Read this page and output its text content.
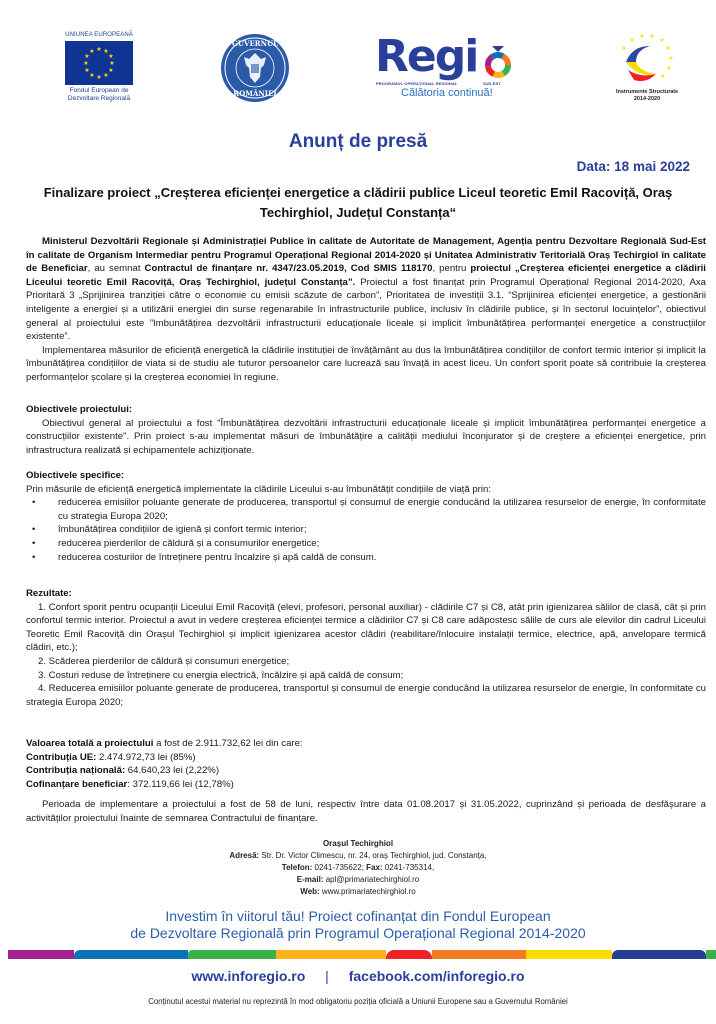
UNIUNEA EUROPEANĂ
★ ★
★
★
★
★
★
★
★
★
★
★
Fondul European de
Dezvoltare Regională
GUVERNUL
ROMÂNIEI
Regi
PROGRAMUL OPERAȚIONAL REGIONAL	SUD-EST
Călătoria continuă!
★
★ ★
★
★
★
★
★
★
Instrumente Structurale
2014-2020
Anunț de presă
Data: 18 mai 2022
Finalizare proiect „Creșterea eficienței energetice a clădirii publice Liceul teoretic Emil Racoviță, Oraș Techirghiol, Județul Constanța“

Ministerul Dezvoltării Regionale și Administrației Publice în calitate de Autoritate de Management, Agenția pentru Dezvoltare Regională Sud-Est în calitate de Organism Intermediar pentru Programul Operațional Regional 2014-2020 și Unitatea Administrativ Teritorială Oraș Techirgiol în calitate de Beneficiar, au semnat Contractul de finanțare nr. 4347/23.05.2019, Cod SMIS 118170, pentru proiectul „Creșterea eficienței energetice a clădirii Liceului teoretic Emil Racoviță, Oraș Techirghiol, județul Constanța”. Proiectul a fost finanțat prin Programul Operațional Regional 2014-2020, Axa Prioritară 3 „Sprijinirea tranziției către o economie cu emisii scăzute de carbon”, Prioritatea de investiții 3.1. “Sprijinirea eficienței energetice, a gestionării inteligente a energiei și a utilizării energiei din surse regenarabile în infrastructurile publice, inclusiv în clădirile publice, și în sectorul locuințelor”, obiectivul general al proiectului este ”Imbunătățirea dezvoltării infrastructurii educaționale liceale și implicit îmbunătățirea performanței energetice a construcțiilor existente”.

Implementarea măsurilor de eficiență energetică la clădirile instituției de învățământ au dus la îmbunătățirea condițiilor de confort termic interior și implicit la îmbunătățirea condițiilor de viata si de studiu ale tuturor persoanelor care lucrează sau învață in acest liceu. Un confort sporit poate să contribuie la creșterea performanțelor școlare și la creșterea economiei în regiune.

Obiectivele proiectului:

Obiectivul general al proiectului a fost "Îmbunătățirea dezvoltării infrastructurii educaționale liceale și implicit îmbunătățirea performanței energetice a construcțiilor existente". Prin proiect s-au implementat măsuri de îmbunătățire a calității mediului înconjurator și de creștere a eficienței energetice, prin infrastructura realizată și echipamentele achiziționate.

Obiectivele specifice:

Prin măsurile de eficiență energetică implementate la clădirile Liceului s-au îmbunătățit condițiile de viață prin:

• reducerea emisiilor poluante generate de producerea, transportul și consumul de energie conducând la utilizarea resurselor de energie, în conformitate cu strategia Europa 2020;
• îmbunătățirea condițiilor de igienă și confort termic interior;
• reducerea pierderilor de căldură și a consumurilor energetice;
• reducerea costurilor de întreținere pentru încalzire și apă caldă de consum.

Rezultate:

1. Confort sporit pentru ocupanții Liceului Emil Racoviță (elevi, profesori, personal auxiliar) - clădirile C7 și C8, atât prin igienizarea sălilor de clasă, cât și prin confortul termic interior. Proiectul a avut in vedere creșterea eficienței termice a clădirilor C7 și C8 care adăpostesc sălile de curs ale elevilor din cadrul Liceului Teoretic Emil Racoviță din Orașul Techirghiol și implicit igienizarea acestor clădiri (reabilitare/înlocuire instalații termice, electrice, apă, anvelopare termică clădiri, etc.);

2. Scăderea pierderilor de căldură și consumuri energetice;

3. Costuri reduse de întreținere cu energia electrică, încălzire și apă caldă de consum;

4. Reducerea emisiilor poluante generate de producerea, transportul și consumul de energie conducând la utilizarea resurselor de energie, în conformitate cu strategia Europa 2020;

Valoarea totală a proiectului a fost de 2.911.732,62 lei din care:

Contribuția UE: 2.474.972,73 lei (85%)

Contribuția națională: 64.640,23 lei (2,22%)

Cofinanțare beneficiar: 372.119,66 lei (12,78%)

Perioada de implementare a proiectului a fost de 58 de luni, respectiv între data 01.08.2017 și 31.05.2022, cuprinzând și perioada de desfășurare a activităților proiectului înainte de semnarea Contractului de finanțare.

Orașul Techirghiol
Adresă: Str. Dr. Victor Climescu, nr. 24, oraș Techirghiol, jud. Constanța,
Telefon: 0241-735622; Fax: 0241-735314,
E-mail: apl@primariatechirghiol.ro
Web: www.primariatechirghiol.ro
Investim în viitorul tău! Proiect cofinanțat din Fondul European
de Dezvoltare Regională prin Programul Operațional Regional 2014-2020
www.inforegio.ro | facebook.com/inforegio.ro
Conținutul acestui material nu reprezintă în mod obligatoriu poziția oficială a Uniunii Europene sau a Guvernului României
